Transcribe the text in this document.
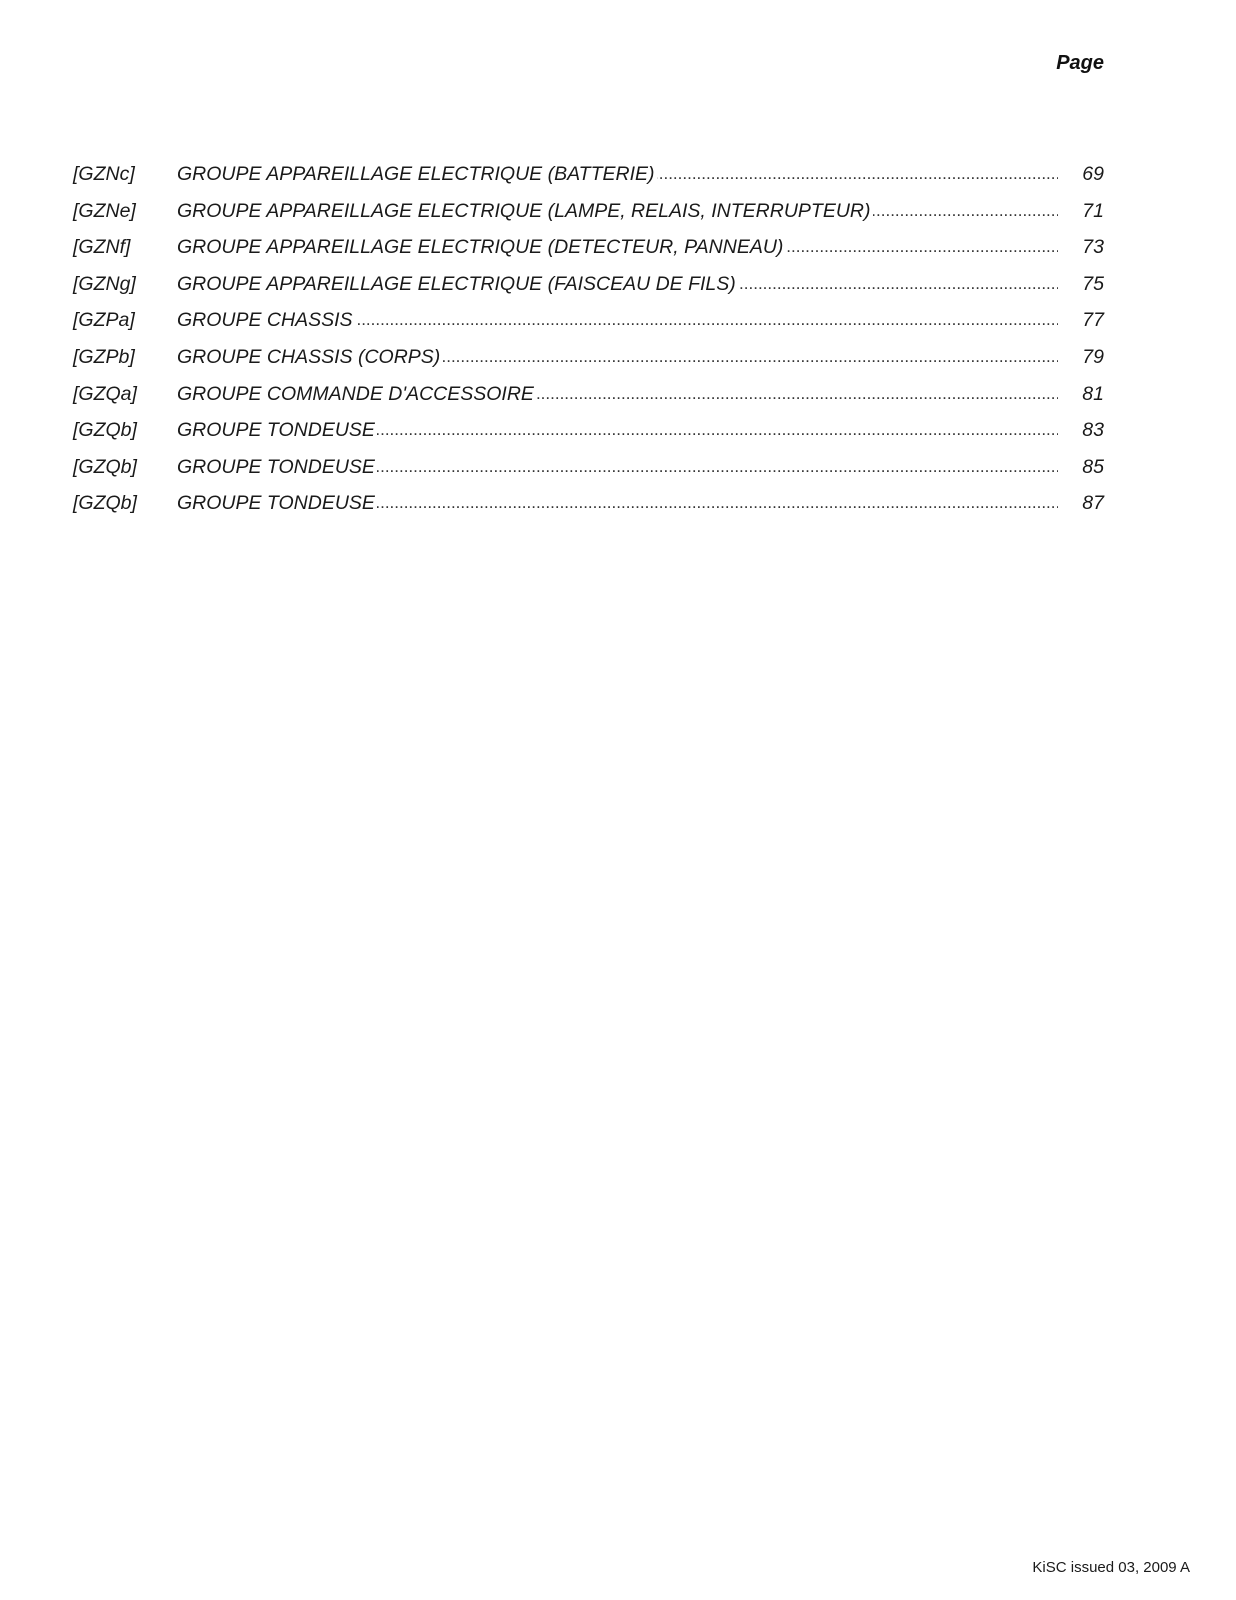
Page
[GZNc]	GROUPE APPAREILLAGE ELECTRIQUE (BATTERIE) .....	69
[GZNe]	GROUPE APPAREILLAGE ELECTRIQUE (LAMPE, RELAIS, INTERRUPTEUR) .....	71
[GZNf]	GROUPE APPAREILLAGE ELECTRIQUE (DETECTEUR, PANNEAU) .....	73
[GZNg]	GROUPE APPAREILLAGE ELECTRIQUE (FAISCEAU DE FILS) .....	75
[GZPa]	GROUPE CHASSIS .....	77
[GZPb]	GROUPE CHASSIS (CORPS) .....	79
[GZQa]	GROUPE COMMANDE D'ACCESSOIRE .....	81
[GZQb]	GROUPE TONDEUSE .....	83
[GZQb]	GROUPE TONDEUSE .....	85
[GZQb]	GROUPE TONDEUSE .....	87
KiSC issued 03, 2009 A
